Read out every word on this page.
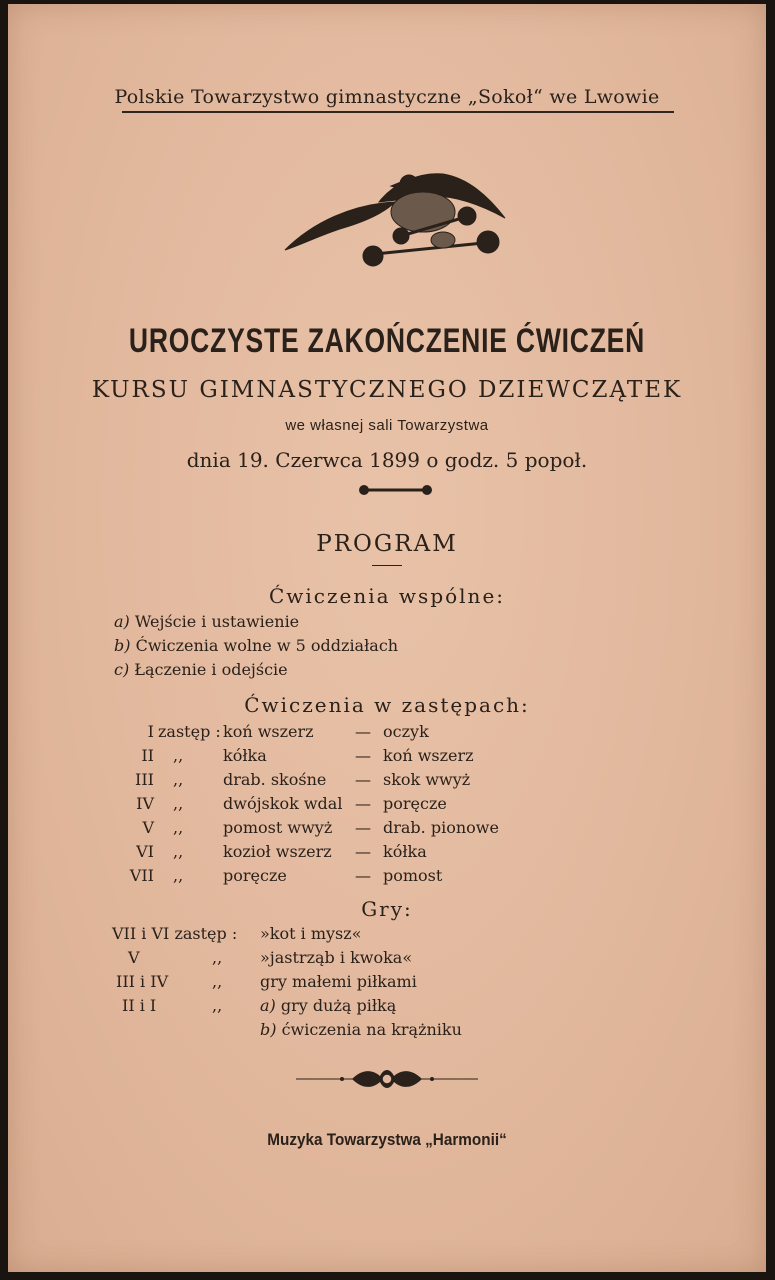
Polskie Towarzystwo gimnastyczne „Sokoł“ we Lwowie
UROCZYSTE ZAKOŃCZENIE ĆWICZEŃ
KURSU GIMNASTYCZNEGO DZIEWCZĄTEK
we własnej sali Towarzystwa
dnia 19. Czerwca 1899 o godz. 5 popoł.
PROGRAM
Ćwiczenia wspólne:
a) Wejście i ustawienie
b) Ćwiczenia wolne w 5 oddziałach
c) Łączenie i odejście
Ćwiczenia w zastępach:
I zastęp : koń wszerz	— oczyk
II ,, kółka	— koń wszerz
III ,, drab. skośne — skok wwyż
IV ,, dwójskok wdal — poręcze
V ,, pomost wwyż — drab. pionowe
VI ,, kozioł wszerz — kółka
VII ,, poręcze	— pomost
Gry:
VII i VI zastęp : »kot i mysz«
V	,, »jastrząb i kwoka«
III i IV	,, gry małemi piłkami
II i I	,, a) gry dużą piłką
b) ćwiczenia na krążniku
Muzyka Towarzystwa „Harmonii“
